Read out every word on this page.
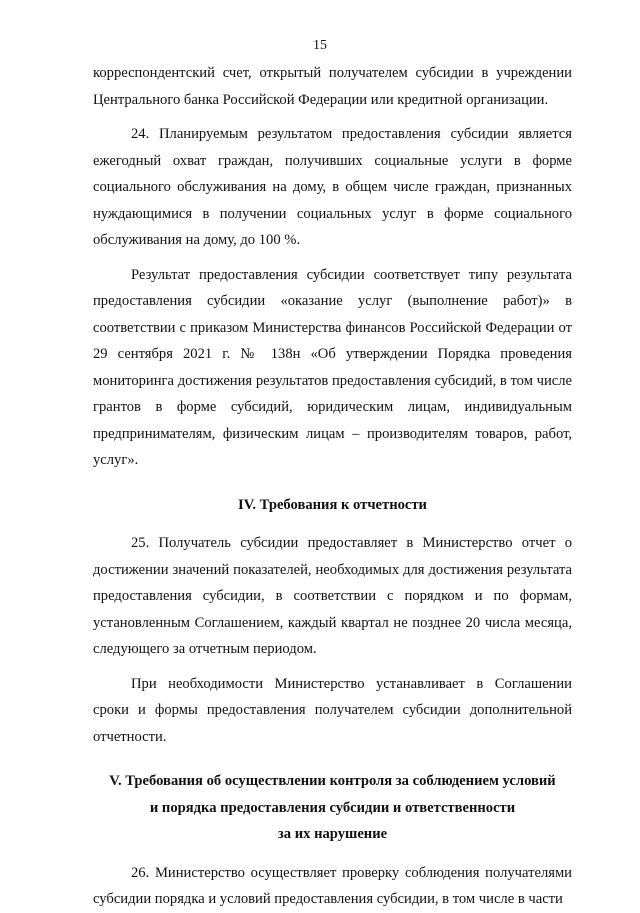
15

корреспондентский счет, открытый получателем субсидии в учреждении Центрального банка Российской Федерации или кредитной организации.

24. Планируемым результатом предоставления субсидии является ежегодный охват граждан, получивших социальные услуги в форме социального обслуживания на дому, в общем числе граждан, признанных нуждающимися в получении социальных услуг в форме социального обслуживания на дому, до 100 %.

Результат предоставления субсидии соответствует типу результата предоставления субсидии «оказание услуг (выполнение работ)» в соответствии с приказом Министерства финансов Российской Федерации от 29 сентября 2021 г. № 138н «Об утверждении Порядка проведения мониторинга достижения результатов предоставления субсидий, в том числе грантов в форме субсидий, юридическим лицам, индивидуальным предпринимателям, физическим лицам – производителям товаров, работ, услуг».

IV. Требования к отчетности

25. Получатель субсидии предоставляет в Министерство отчет о достижении значений показателей, необходимых для достижения результата предоставления субсидии, в соответствии с порядком и по формам, установленным Соглашением, каждый квартал не позднее 20 числа месяца, следующего за отчетным периодом.

При необходимости Министерство устанавливает в Соглашении сроки и формы предоставления получателем субсидии дополнительной отчетности.

V. Требования об осуществлении контроля за соблюдением условий
и порядка предоставления субсидии и ответственности
за их нарушение

26. Министерство осуществляет проверку соблюдения получателями субсидии порядка и условий предоставления субсидии, в том числе в части
